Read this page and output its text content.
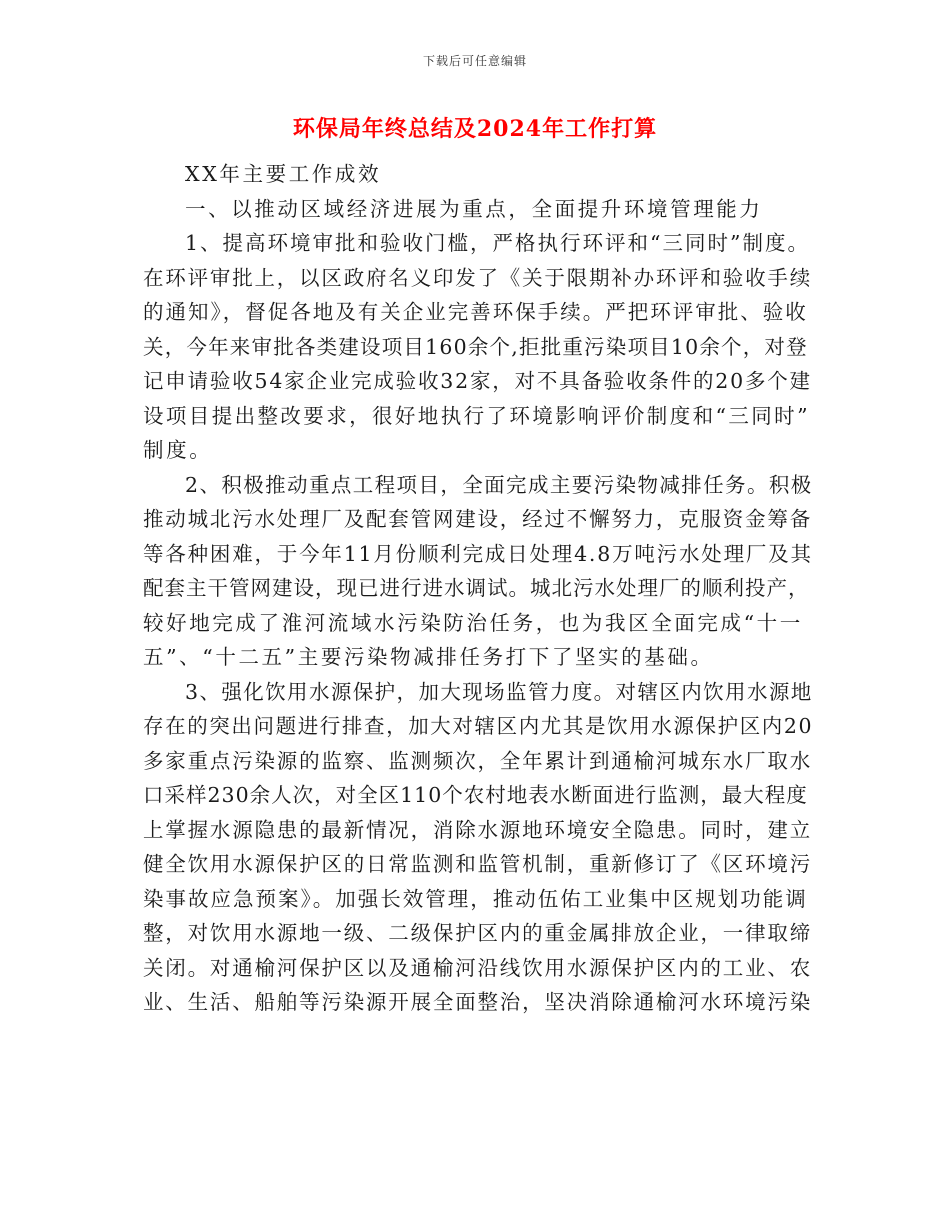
下载后可任意编辑
环保局年终总结及2024年工作打算

XX年主要工作成效

一、以推动区域经济进展为重点，全面提升环境管理能力

1、提高环境审批和验收门槛，严格执行环评和“三同时”制度。

在环评审批上，以区政府名义印发了《关于限期补办环评和验收手续

的通知》，督促各地及有关企业完善环保手续。严把环评审批、验收

关，今年来审批各类建设项目160余个,拒批重污染项目10余个，对登

记申请验收54家企业完成验收32家，对不具备验收条件的20多个建

设项目提出整改要求，很好地执行了环境影响评价制度和“三同时”

制度。

2、积极推动重点工程项目，全面完成主要污染物减排任务。积极

推动城北污水处理厂及配套管网建设，经过不懈努力，克服资金筹备

等各种困难，于今年11月份顺利完成日处理4.8万吨污水处理厂及其

配套主干管网建设，现已进行进水调试。城北污水处理厂的顺利投产，

较好地完成了淮河流域水污染防治任务，也为我区全面完成“十一

五”、“十二五”主要污染物减排任务打下了坚实的基础。

3、强化饮用水源保护，加大现场监管力度。对辖区内饮用水源地

存在的突出问题进行排查，加大对辖区内尤其是饮用水源保护区内20

多家重点污染源的监察、监测频次，全年累计到通榆河城东水厂取水

口采样230余人次，对全区110个农村地表水断面进行监测，最大程度

上掌握水源隐患的最新情况，消除水源地环境安全隐患。同时，建立

健全饮用水源保护区的日常监测和监管机制，重新修订了《区环境污

染事故应急预案》。加强长效管理，推动伍佑工业集中区规划功能调

整，对饮用水源地一级、二级保护区内的重金属排放企业，一律取缔

关闭。对通榆河保护区以及通榆河沿线饮用水源保护区内的工业、农

业、生活、船舶等污染源开展全面整治，坚决消除通榆河水环境污染
